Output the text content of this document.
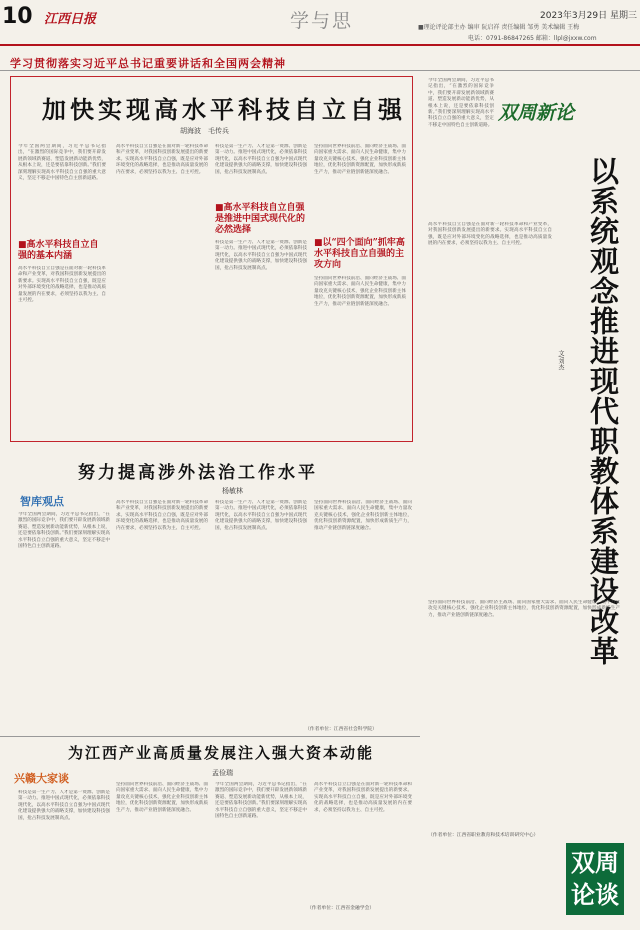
10 江西日报	学与思	2023年3月29日 星期三
■理论评论部主办 编审 阮启祥 责任编辑 邹勇 美术编辑 王梅
电话：0791-86847265 邮箱：llpl@jxxw.com
学习贯彻落实习近平总书记重要讲话和全国两会精神
加快实现高水平科技自立自强
胡海波　毛传兵
今年全国两会期间，习近平总书记指出，“在激烈的国际竞争中，我们要开辟发展新领域新赛道、塑造发展新动能新优势，从根本上说，还是要依靠科技创新。”我们要深刻理解实现高水平科技自立自强的重大意义，坚定不移走中国特色自主创新道路。
■高水平科技自立自强的基本内涵
高水平科技自立自强是在面对新一轮科技革命和产业变革，对我国科技创新发展提出的新要求。实现高水平科技自立自强，既是应对外部环境变化的战略选择，也是推动高质量发展的内在要求，必须坚持以我为主、自主可控。
高水平科技自立自强是在面对新一轮科技革命和产业变革，对我国科技创新发展提出的新要求。实现高水平科技自立自强，既是应对外部环境变化的战略选择，也是推动高质量发展的内在要求，必须坚持以我为主、自主可控。
科技是第一生产力、人才是第一资源、创新是第一动力。推进中国式现代化，必须依靠科技现代化，以高水平科技自立自强为中国式现代化建设提供强大的战略支撑，加快建设科技强国，抢占科技发展制高点。
■高水平科技自立自强是推进中国式现代化的必然选择
科技是第一生产力、人才是第一资源、创新是第一动力。推进中国式现代化，必须依靠科技现代化，以高水平科技自立自强为中国式现代化建设提供强大的战略支撑，加快建设科技强国，抢占科技发展制高点。
坚持面向世界科技前沿、面向经济主战场、面向国家重大需求、面向人民生命健康，集中力量攻克关键核心技术，强化企业科技创新主体地位，优化科技创新资源配置，加快形成新质生产力，推动产业链创新链深度融合。
■以“四个面向”抓牢高水平科技自立自强的主攻方向
坚持面向世界科技前沿、面向经济主战场、面向国家重大需求、面向人民生命健康，集中力量攻克关键核心技术，强化企业科技创新主体地位，优化科技创新资源配置，加快形成新质生产力，推动产业链创新链深度融合。
今年全国两会期间，习近平总书记指出，“在激烈的国际竞争中，我们要开辟发展新领域新赛道、塑造发展新动能新优势，从根本上说，还是要依靠科技创新。”我们要深刻理解实现高水平科技自立自强的重大意义，坚定不移走中国特色自主创新道路。
双周新论
以系统观念推进现代职教体系建设改革
文/刘杰
高水平科技自立自强是在面对新一轮科技革命和产业变革，对我国科技创新发展提出的新要求。实现高水平科技自立自强，既是应对外部环境变化的战略选择，也是推动高质量发展的内在要求，必须坚持以我为主、自主可控。
坚持面向世界科技前沿、面向经济主战场、面向国家重大需求、面向人民生命健康，集中力量攻克关键核心技术，强化企业科技创新主体地位，优化科技创新资源配置，加快形成新质生产力，推动产业链创新链深度融合。
（作者单位：江西省职业教育和技术培训研究中心）
努力提高涉外法治工作水平
杨敏林
智库观点
今年全国两会期间，习近平总书记指出，“在激烈的国际竞争中，我们要开辟发展新领域新赛道、塑造发展新动能新优势，从根本上说，还是要依靠科技创新。”我们要深刻理解实现高水平科技自立自强的重大意义，坚定不移走中国特色自主创新道路。
高水平科技自立自强是在面对新一轮科技革命和产业变革，对我国科技创新发展提出的新要求。实现高水平科技自立自强，既是应对外部环境变化的战略选择，也是推动高质量发展的内在要求，必须坚持以我为主、自主可控。
科技是第一生产力、人才是第一资源、创新是第一动力。推进中国式现代化，必须依靠科技现代化，以高水平科技自立自强为中国式现代化建设提供强大的战略支撑，加快建设科技强国，抢占科技发展制高点。
坚持面向世界科技前沿、面向经济主战场、面向国家重大需求、面向人民生命健康，集中力量攻克关键核心技术，强化企业科技创新主体地位，优化科技创新资源配置，加快形成新质生产力，推动产业链创新链深度融合。
（作者单位：江西省社会科学院）
为江西产业高质量发展注入强大资本动能
孟俭瑞
兴赣大家谈
科技是第一生产力、人才是第一资源、创新是第一动力。推进中国式现代化，必须依靠科技现代化，以高水平科技自立自强为中国式现代化建设提供强大的战略支撑，加快建设科技强国，抢占科技发展制高点。
坚持面向世界科技前沿、面向经济主战场、面向国家重大需求、面向人民生命健康，集中力量攻克关键核心技术，强化企业科技创新主体地位，优化科技创新资源配置，加快形成新质生产力，推动产业链创新链深度融合。
今年全国两会期间，习近平总书记指出，“在激烈的国际竞争中，我们要开辟发展新领域新赛道、塑造发展新动能新优势，从根本上说，还是要依靠科技创新。”我们要深刻理解实现高水平科技自立自强的重大意义，坚定不移走中国特色自主创新道路。
高水平科技自立自强是在面对新一轮科技革命和产业变革，对我国科技创新发展提出的新要求。实现高水平科技自立自强，既是应对外部环境变化的战略选择，也是推动高质量发展的内在要求，必须坚持以我为主、自主可控。
（作者单位：江西省金融学会）
双周论谈
